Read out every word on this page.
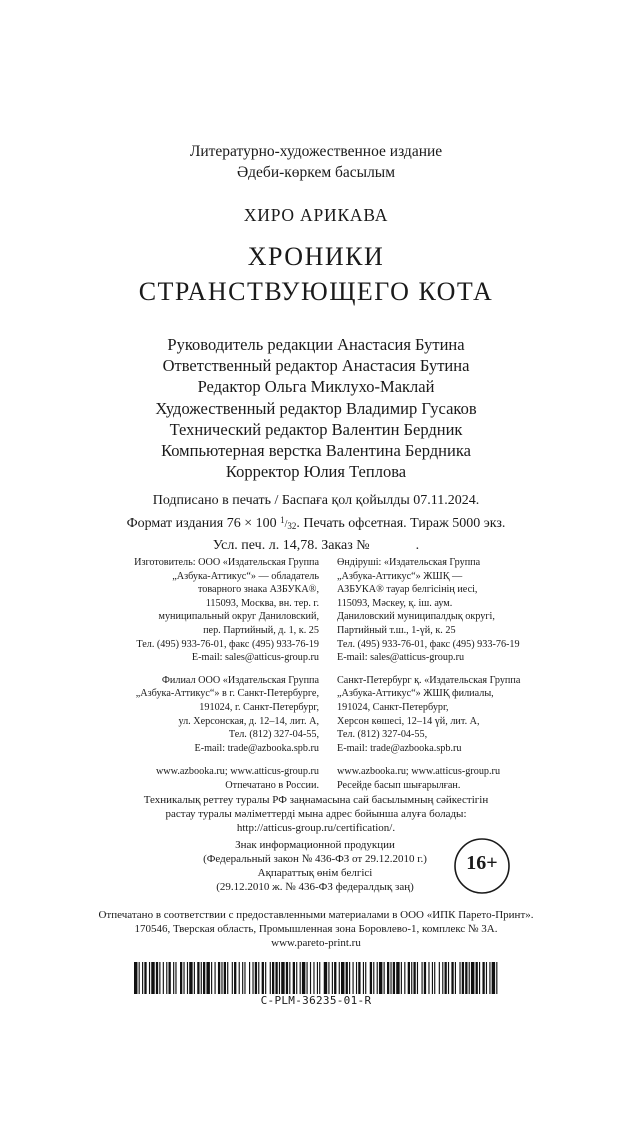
Литературно-художественное издание
Әдеби-көркем басылым
ХИРО АРИКАВА
ХРОНИКИ
СТРАНСТВУЮЩЕГО КОТА
Руководитель редакции Анастасия Бутина
Ответственный редактор Анастасия Бутина
Редактор Ольга Миклухо-Маклай
Художественный редактор Владимир Гусаков
Технический редактор Валентин Бердник
Компьютерная верстка Валентина Бердника
Корректор Юлия Теплова
Подписано в печать / Баспаға қол қойылды 07.11.2024.
Формат издания 76 × 100 $^1/_{32}$. Печать офсетная. Тираж 5000 экз.
Усл. печ. л. 14,78. Заказ №	.
Изготовитель: ООО «Издательская Группа
„Азбука-Аттикус“» — обладатель
товарного знака АЗБУКА®,
115093, Москва, вн. тер. г.
муниципальный округ Даниловский,
пер. Партийный, д. 1, к. 25
Тел. (495) 933-76-01, факс (495) 933-76-19
E-mail: sales@atticus-group.ru
Филиал ООО «Издательская Группа
„Азбука-Аттикус“» в г. Санкт-Петербурге,
191024, г. Санкт-Петербург,
ул. Херсонская, д. 12–14, лит. А,
Тел. (812) 327-04-55,
E-mail: trade@azbooka.spb.ru
www.azbooka.ru; www.atticus-group.ru
Отпечатано в России.
Өндіруші: «Издательская Группа
„Азбука-Аттикус“» ЖШҚ —
АЗБУКА® тауар белгісінің иесі,
115093, Мәскеу, қ. іш. аум.
Даниловский муниципалдық округі,
Партийный т.ш., 1-үй, к. 25
Тел. (495) 933-76-01, факс (495) 933-76-19
E-mail: sales@atticus-group.ru
Санкт-Петербург қ. «Издательская Группа
„Азбука-Аттикус“» ЖШҚ филиалы,
191024, Санкт-Петербург,
Херсон көшесі, 12–14 үй, лит. А,
Тел. (812) 327-04-55,
E-mail: trade@azbooka.spb.ru
www.azbooka.ru; www.atticus-group.ru
Ресейде басып шығарылған.
Техникалық реттеу туралы РФ заңнамасына сай басылымның сәйкестігін
растау туралы мәліметтерді мына адрес бойынша алуға болады:
http://atticus-group.ru/certification/.
Знак информационной продукции
(Федеральный закон № 436-ФЗ от 29.12.2010 г.)
Ақпараттық өнім белгісі
(29.12.2010 ж. № 436-ФЗ федералдық заң)
16+
Отпечатано в соответствии с предоставленными материалами в ООО «ИПК Парето-Принт».
170546, Тверская область, Промышленная зона Боровлево-1, комплекс № 3А.
www.pareto-print.ru
C-PLM-36235-01-R
